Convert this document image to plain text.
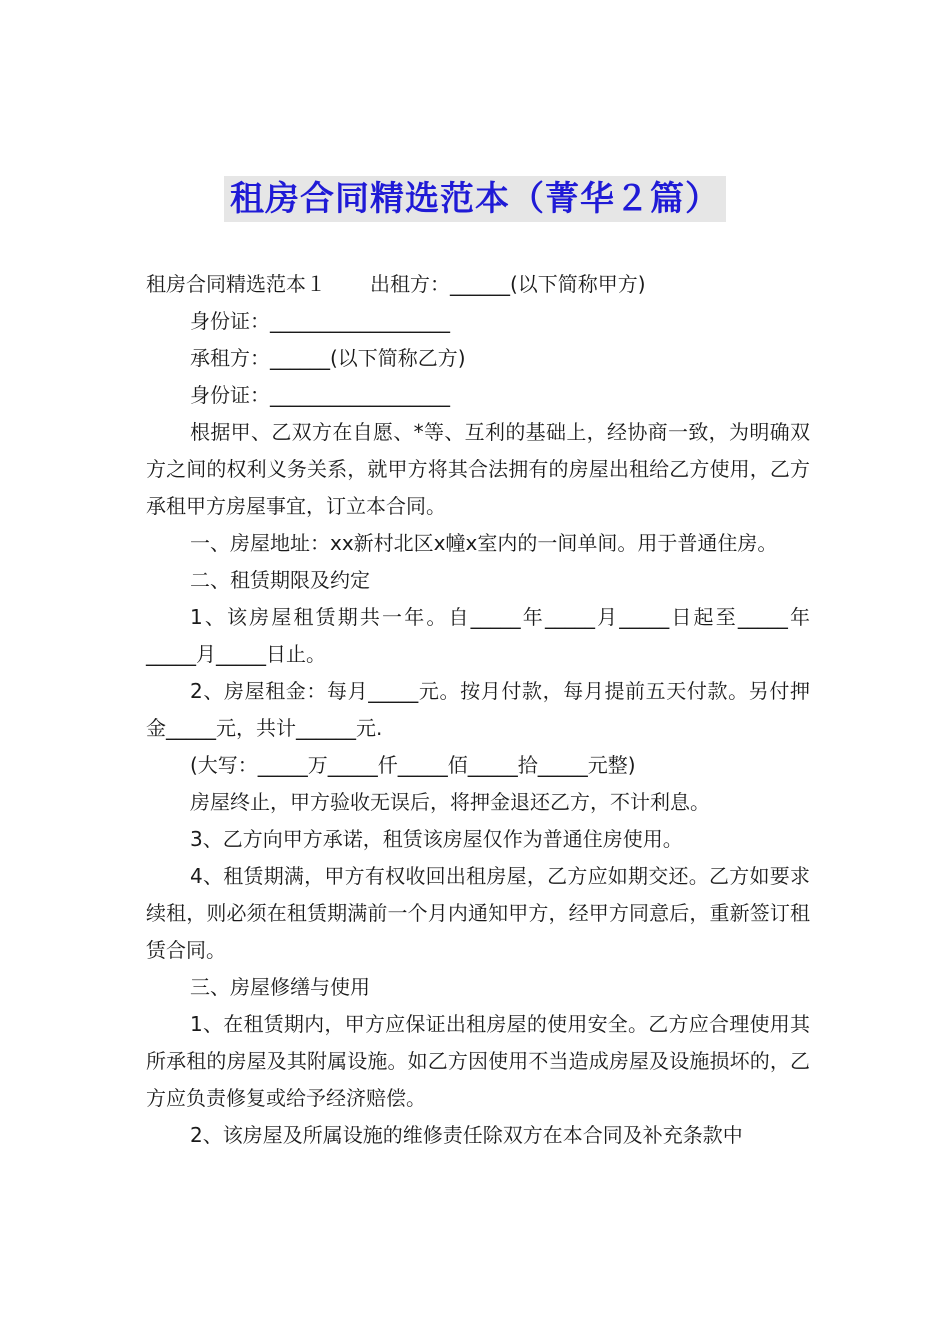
租房合同精选范本（菁华２篇）

租房合同精选范本１ 出租方：______(以下简称甲方)

身份证：__________________

承租方：______(以下简称乙方)

身份证：__________________

根据甲、乙双方在自愿、*等、互利的基础上，经协商一致，为明确双方之间的权利义务关系，就甲方将其合法拥有的房屋出租给乙方使用，乙方承租甲方房屋事宜，订立本合同。

一、房屋地址：xx新村北区x幢x室内的一间单间。用于普通住房。

二、租赁期限及约定

1、该房屋租赁期共一年。自_____年_____月_____日起至_____年_____月_____日止。

2、房屋租金：每月_____元。按月付款，每月提前五天付款。另付押金_____元，共计______元.

(大写：_____万_____仟_____佰_____拾_____元整)

房屋终止，甲方验收无误后，将押金退还乙方，不计利息。

3、乙方向甲方承诺，租赁该房屋仅作为普通住房使用。

4、租赁期满，甲方有权收回出租房屋，乙方应如期交还。乙方如要求续租，则必须在租赁期满前一个月内通知甲方，经甲方同意后，重新签订租赁合同。

三、房屋修缮与使用

1、在租赁期内，甲方应保证出租房屋的使用安全。乙方应合理使用其所承租的房屋及其附属设施。如乙方因使用不当造成房屋及设施损坏的，乙方应负责修复或给予经济赔偿。

2、该房屋及所属设施的维修责任除双方在本合同及补充条款中
